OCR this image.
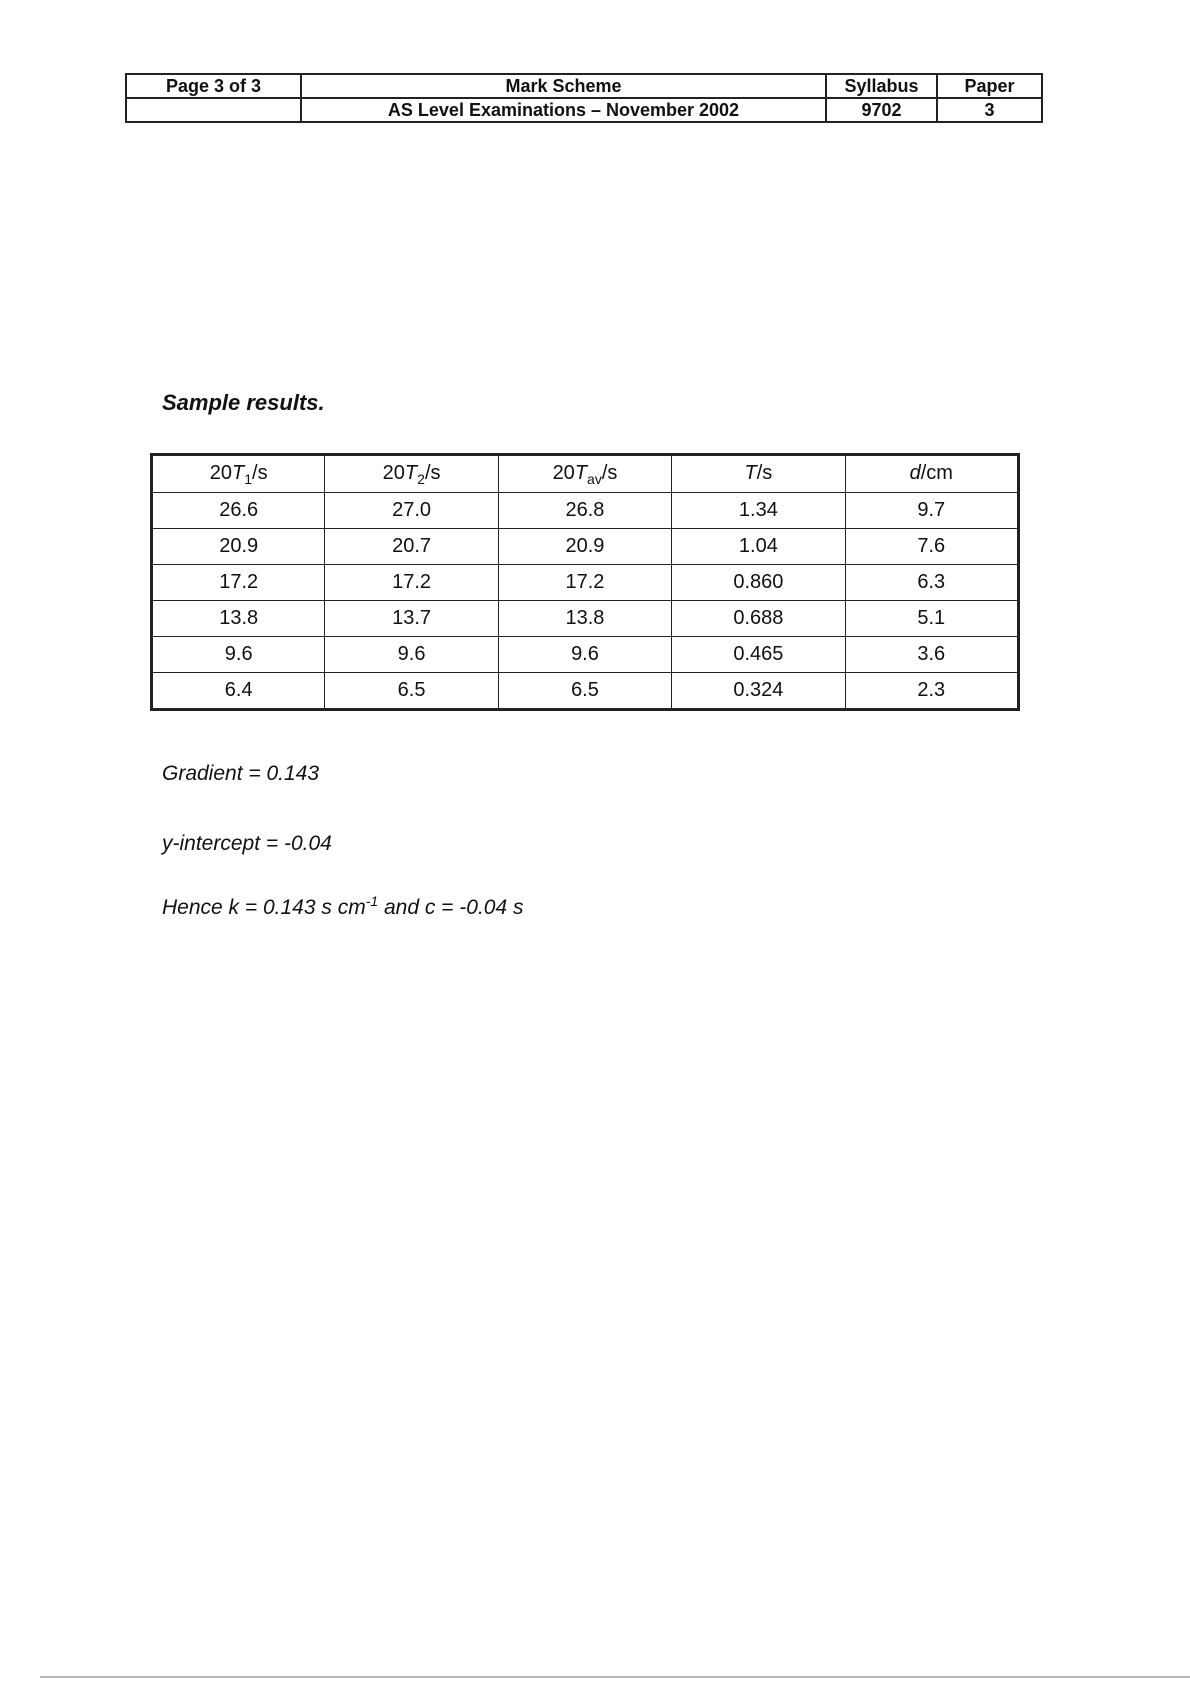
Page 3 of 3	Mark Scheme	Syllabus	Paper
	AS Level Examinations – November 2002	9702	3

Sample results.

$20T_1/s$	$20T_2/s$	$20T_{av}/s$	T/s	d/cm
26.6	27.0	26.8	1.34	9.7
20.9	20.7	20.9	1.04	7.6
17.2	17.2	17.2	0.860	6.3
13.8	13.7	13.8	0.688	5.1
9.6	9.6	9.6	0.465	3.6
6.4	6.5	6.5	0.324	2.3

Gradient = 0.143

y-intercept = -0.04

Hence k = 0.143 s $cm^{-1}$ and c = -0.04 s
